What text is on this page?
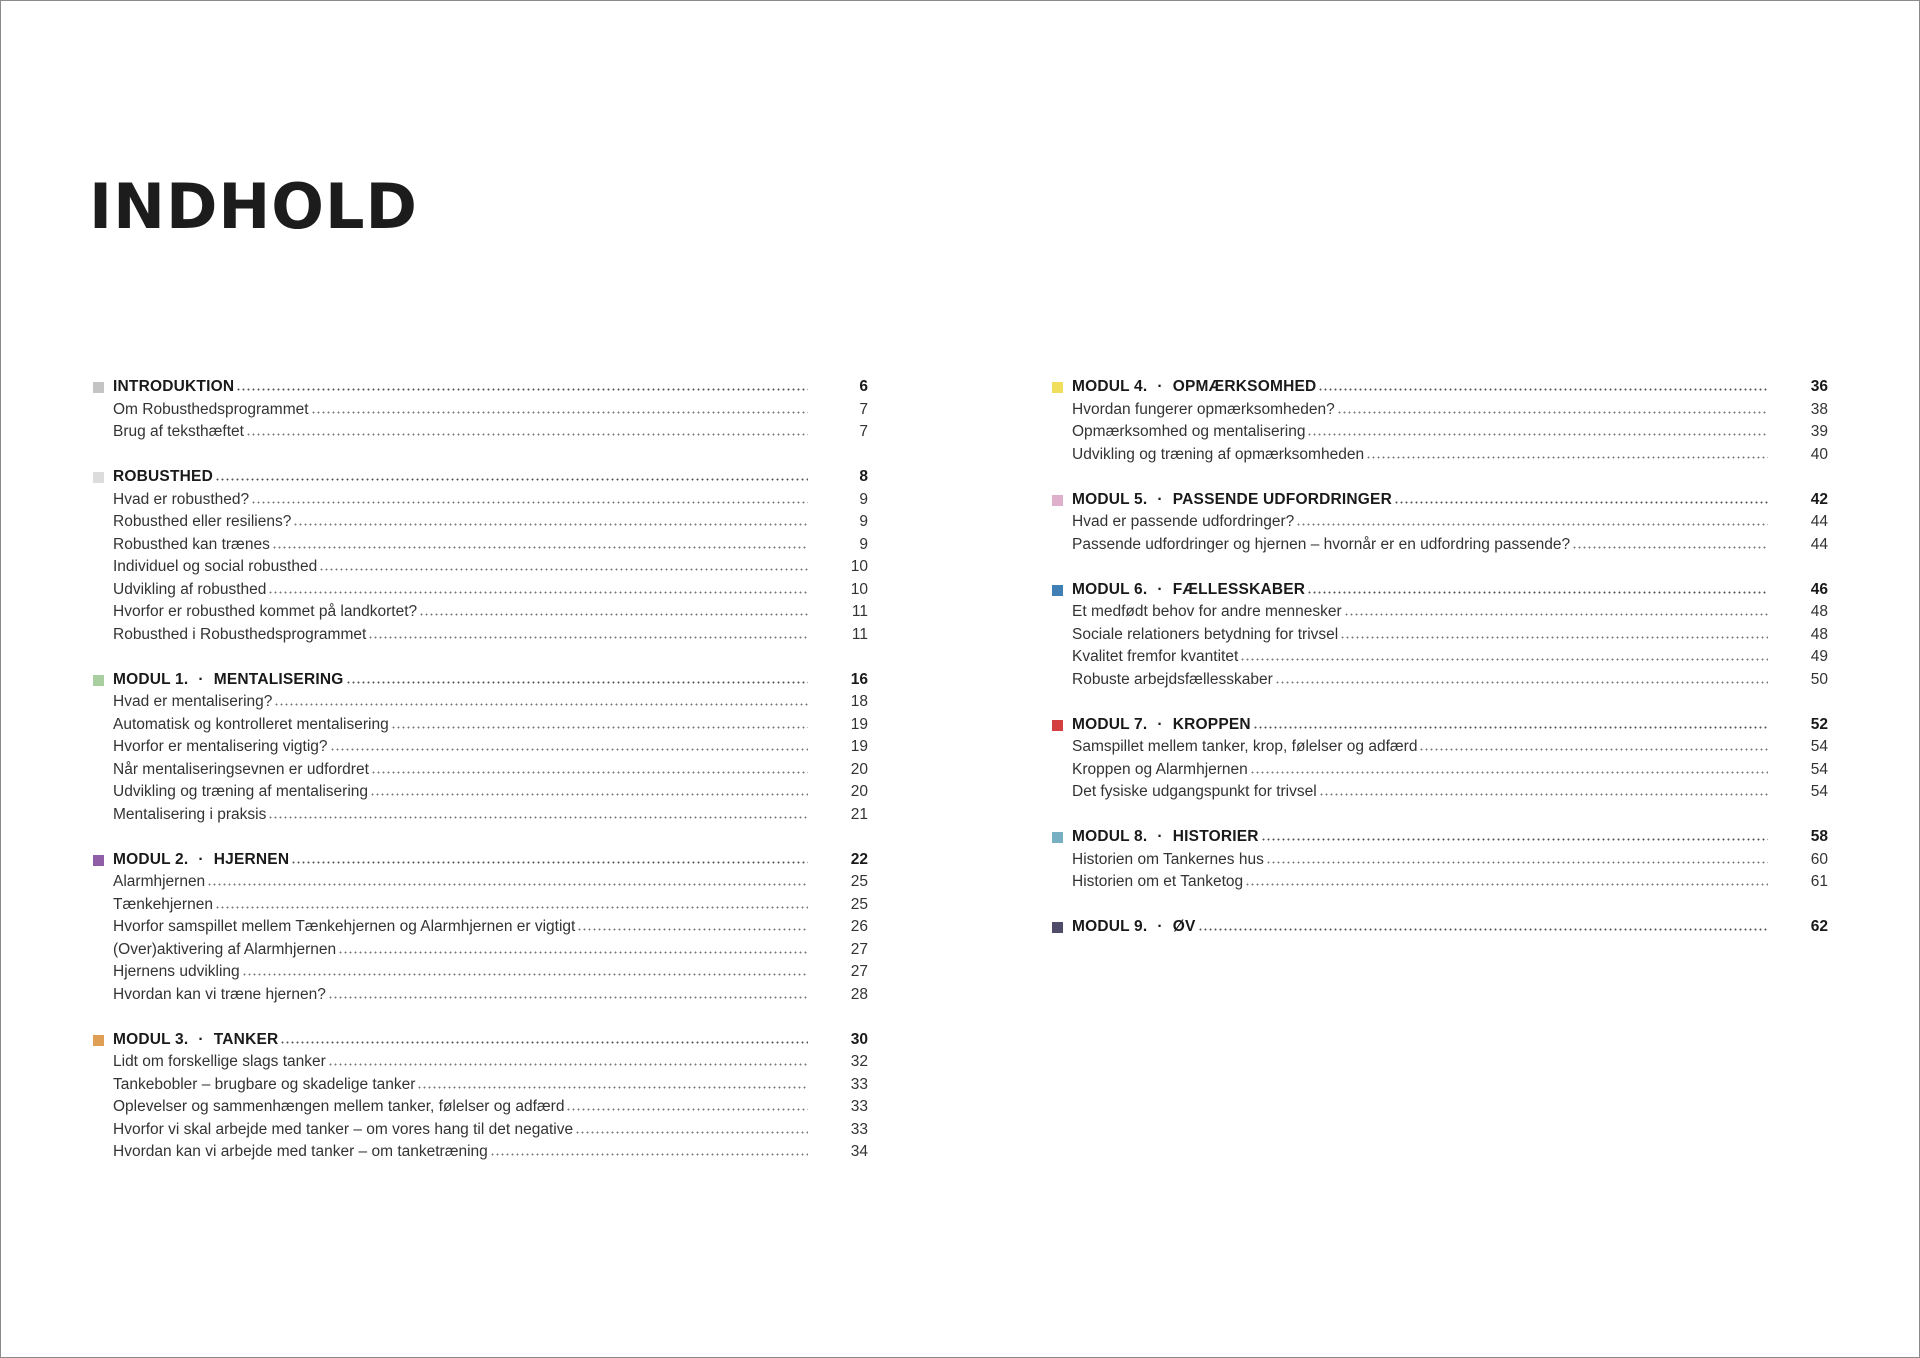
INDHOLD
INTRODUKTION	6
Om Robusthedsprogrammet	7
Brug af teksthæftet	7
ROBUSTHED	8
Hvad er robusthed?	9
Robusthed eller resiliens?	9
Robusthed kan trænes	9
Individuel og social robusthed	10
Udvikling af robusthed	10
Hvorfor er robusthed kommet på landkortet?	11
Robusthed i Robusthedsprogrammet	11
MODUL 1. · MENTALISERING	16
Hvad er mentalisering?	18
Automatisk og kontrolleret mentalisering	19
Hvorfor er mentalisering vigtig?	19
Når mentaliseringsevnen er udfordret	20
Udvikling og træning af mentalisering	20
Mentalisering i praksis	21
MODUL 2. · HJERNEN	22
Alarmhjernen	25
Tænkehjernen	25
Hvorfor samspillet mellem Tænkehjernen og Alarmhjernen er vigtigt	26
(Over)aktivering af Alarmhjernen	27
Hjernens udvikling	27
Hvordan kan vi træne hjernen?	28
MODUL 3. · TANKER	30
Lidt om forskellige slags tanker	32
Tankebobler – brugbare og skadelige tanker	33
Oplevelser og sammenhængen mellem tanker, følelser og adfærd	33
Hvorfor vi skal arbejde med tanker – om vores hang til det negative	33
Hvordan kan vi arbejde med tanker – om tanketræning	34
MODUL 4. · OPMÆRKSOMHED	36
Hvordan fungerer opmærksomheden?	38
Opmærksomhed og mentalisering	39
Udvikling og træning af opmærksomheden	40
MODUL 5. · PASSENDE UDFORDRINGER	42
Hvad er passende udfordringer?	44
Passende udfordringer og hjernen – hvornår er en udfordring passende?	44
MODUL 6. · FÆLLESSKABER	46
Et medfødt behov for andre mennesker	48
Sociale relationers betydning for trivsel	48
Kvalitet fremfor kvantitet	49
Robuste arbejdsfællesskaber	50
MODUL 7. · KROPPEN	52
Samspillet mellem tanker, krop, følelser og adfærd	54
Kroppen og Alarmhjernen	54
Det fysiske udgangspunkt for trivsel	54
MODUL 8. · HISTORIER	58
Historien om Tankernes hus	60
Historien om et Tanketog	61
MODUL 9. · ØV	62
